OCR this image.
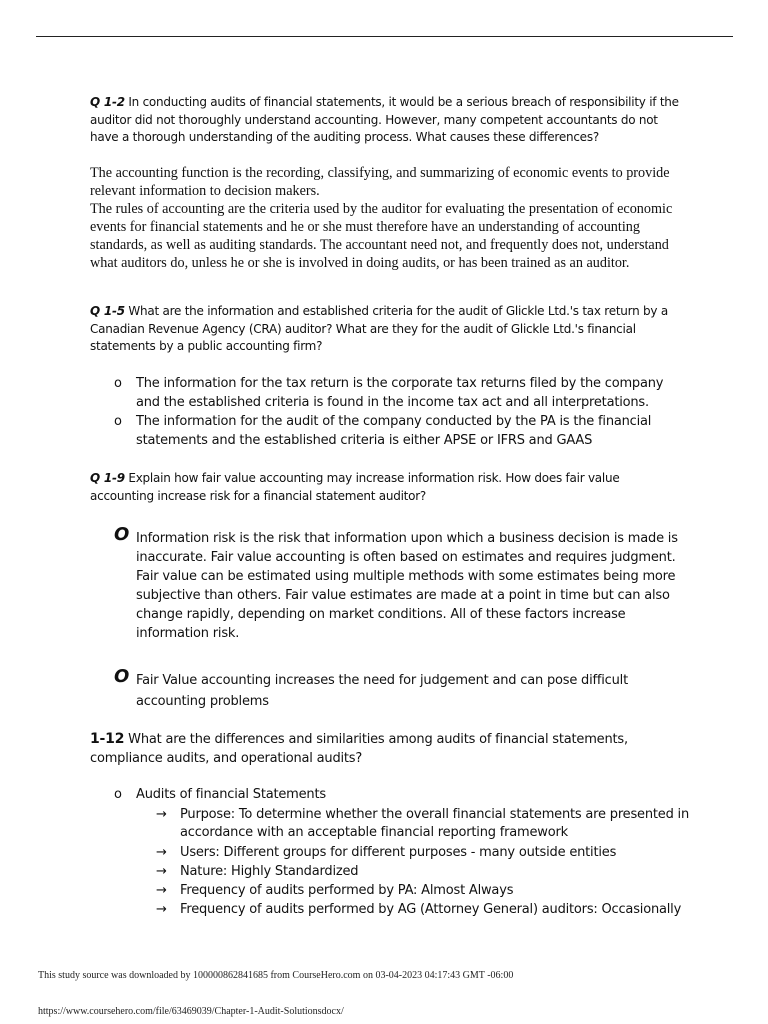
Q 1-2 In conducting audits of financial statements, it would be a serious breach of responsibility if the auditor did not thoroughly understand accounting. However, many competent accountants do not have a thorough understanding of the auditing process. What causes these differences?
The accounting function is the recording, classifying, and summarizing of economic events to provide relevant information to decision makers.
The rules of accounting are the criteria used by the auditor for evaluating the presentation of economic events for financial statements and he or she must therefore have an understanding of accounting standards, as well as auditing standards. The accountant need not, and frequently does not, understand what auditors do, unless he or she is involved in doing audits, or has been trained as an auditor.
Q 1-5 What are the information and established criteria for the audit of Glickle Ltd.'s tax return by a Canadian Revenue Agency (CRA) auditor? What are they for the audit of Glickle Ltd.'s financial statements by a public accounting firm?
o The information for the tax return is the corporate tax returns filed by the company and the established criteria is found in the income tax act and all interpretations.
o The information for the audit of the company conducted by the PA is the financial statements and the established criteria is either APSE or IFRS and GAAS
Q 1-9 Explain how fair value accounting may increase information risk. How does fair value accounting increase risk for a financial statement auditor?
O Information risk is the risk that information upon which a business decision is made is inaccurate. Fair value accounting is often based on estimates and requires judgment. Fair value can be estimated using multiple methods with some estimates being more subjective than others. Fair value estimates are made at a point in time but can also change rapidly, depending on market conditions. All of these factors increase information risk.
O Fair Value accounting increases the need for judgement and can pose difficult accounting problems
1-12 What are the differences and similarities among audits of financial statements, compliance audits, and operational audits?
o Audits of financial Statements
→ Purpose: To determine whether the overall financial statements are presented in accordance with an acceptable financial reporting framework
→ Users: Different groups for different purposes - many outside entities
→ Nature: Highly Standardized
→ Frequency of audits performed by PA: Almost Always
→ Frequency of audits performed by AG (Attorney General) auditors: Occasionally
This study source was downloaded by 100000862841685 from CourseHero.com on 03-04-2023 04:17:43 GMT -06:00
https://www.coursehero.com/file/63469039/Chapter-1-Audit-Solutionsdocx/
